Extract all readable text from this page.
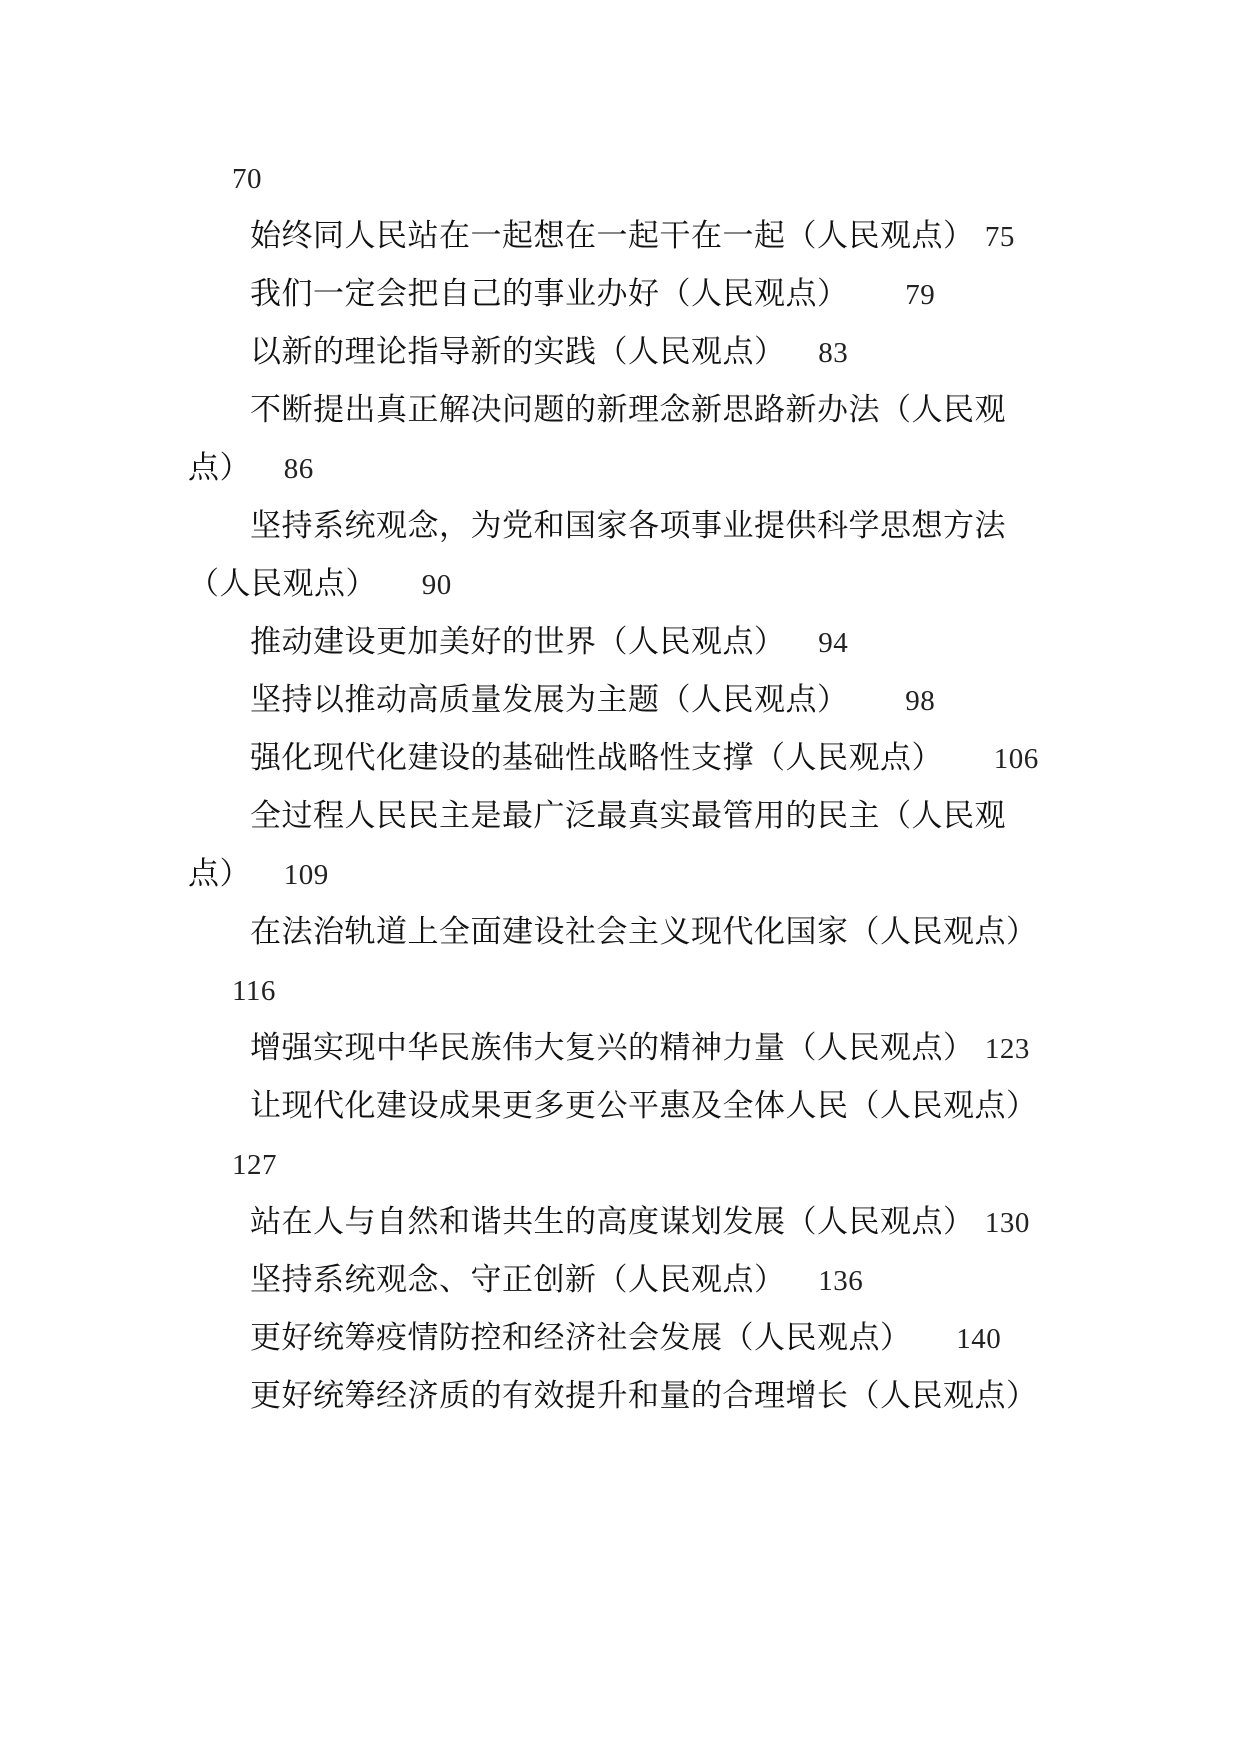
70
始终同人民站在一起想在一起干在一起（人民观点） 75
我们一定会把自己的事业办好（人民观点） 79
以新的理论指导新的实践（人民观点） 83
不断提出真正解决问题的新理念新思路新办法（人民观
点） 86
坚持系统观念，为党和国家各项事业提供科学思想方法
（人民观点） 90
推动建设更加美好的世界（人民观点） 94
坚持以推动高质量发展为主题（人民观点） 98
强化现代化建设的基础性战略性支撑（人民观点） 106
全过程人民民主是最广泛最真实最管用的民主（人民观
点） 109
在法治轨道上全面建设社会主义现代化国家（人民观点）
116
增强实现中华民族伟大复兴的精神力量（人民观点） 123
让现代化建设成果更多更公平惠及全体人民（人民观点）
127
站在人与自然和谐共生的高度谋划发展（人民观点） 130
坚持系统观念、守正创新（人民观点） 136
更好统筹疫情防控和经济社会发展（人民观点） 140
更好统筹经济质的有效提升和量的合理增长（人民观点）
